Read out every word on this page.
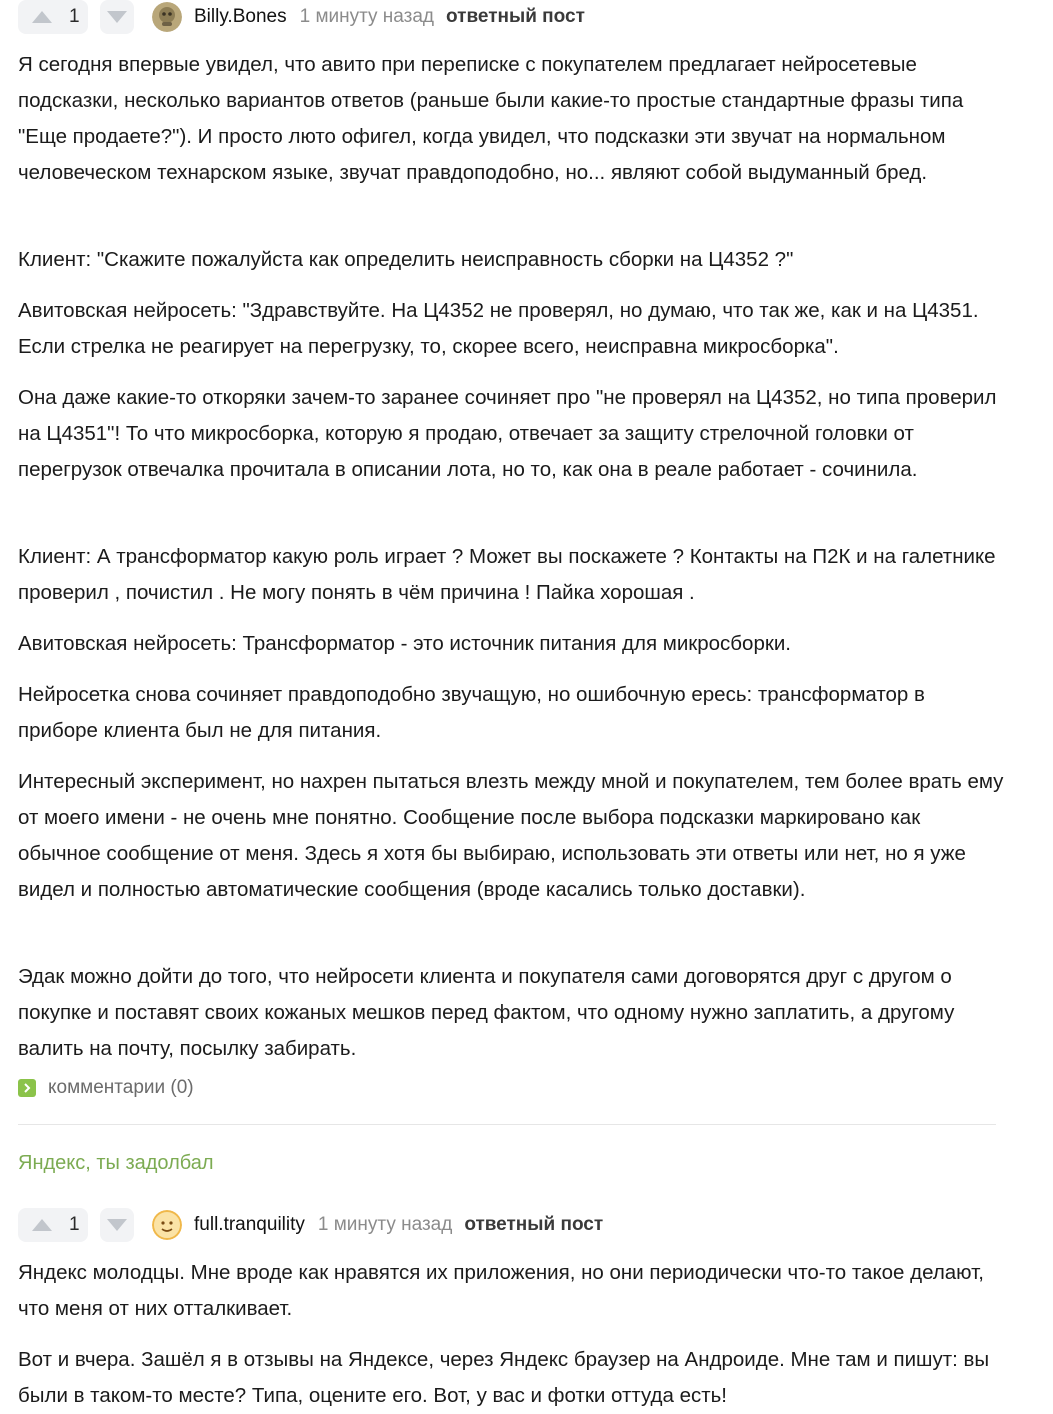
1	Billy.Bones 1 минуту назад ответный пост

Я сегодня впервые увидел, что авито при переписке с покупателем предлагает нейросетевые подсказки, несколько вариантов ответов (раньше были какие-то простые стандартные фразы типа "Еще продаете?"). И просто люто офигел, когда увидел, что подсказки эти звучат на нормальном человеческом технарском языке, звучат правдоподобно, но... являют собой выдуманный бред.

Клиент: "Скажите пожалуйста как определить неисправность сборки на Ц4352 ?"

Авитовская нейросеть: "Здравствуйте. На Ц4352 не проверял, но думаю, что так же, как и на Ц4351. Если стрелка не реагирует на перегрузку, то, скорее всего, неисправна микросборка".

Она даже какие-то откоряки зачем-то заранее сочиняет про "не проверял на Ц4352, но типа проверил на Ц4351"! То что микросборка, которую я продаю, отвечает за защиту стрелочной головки от перегрузок отвечалка прочитала в описании лота, но то, как она в реале работает - сочинила.

Клиент: А трансформатор какую роль играет ? Может вы поскажете ? Контакты на П2К и на галетнике проверил , почистил . Не могу понять в чём причина ! Пайка хорошая .

Авитовская нейросеть: Трансформатор - это источник питания для микросборки.

Нейросетка снова сочиняет правдоподобно звучащую, но ошибочную ересь: трансформатор в приборе клиента был не для питания.

Интересный эксперимент, но нахрен пытаться влезть между мной и покупателем, тем более врать ему от моего имени - не очень мне понятно. Сообщение после выбора подсказки маркировано как обычное сообщение от меня. Здесь я хотя бы выбираю, использовать эти ответы или нет, но я уже видел и полностью автоматические сообщения (вроде касались только доставки).

Эдак можно дойти до того, что нейросети клиента и покупателя сами договорятся друг с другом о покупке и поставят своих кожаных мешков перед фактом, что одному нужно заплатить, а другому валить на почту, посылку забирать.

комментарии (0)
Яндекс, ты задолбал
1	full.tranquility 1 минуту назад ответный пост

Яндекс молодцы. Мне вроде как нравятся их приложения, но они периодически что-то такое делают, что меня от них отталкивает.

Вот и вчера. Зашёл я в отзывы на Яндексе, через Яндекс браузер на Андроиде. Мне там и пишут: вы были в таком-то месте? Типа, оцените его. Вот, у вас и фотки оттуда есть!
